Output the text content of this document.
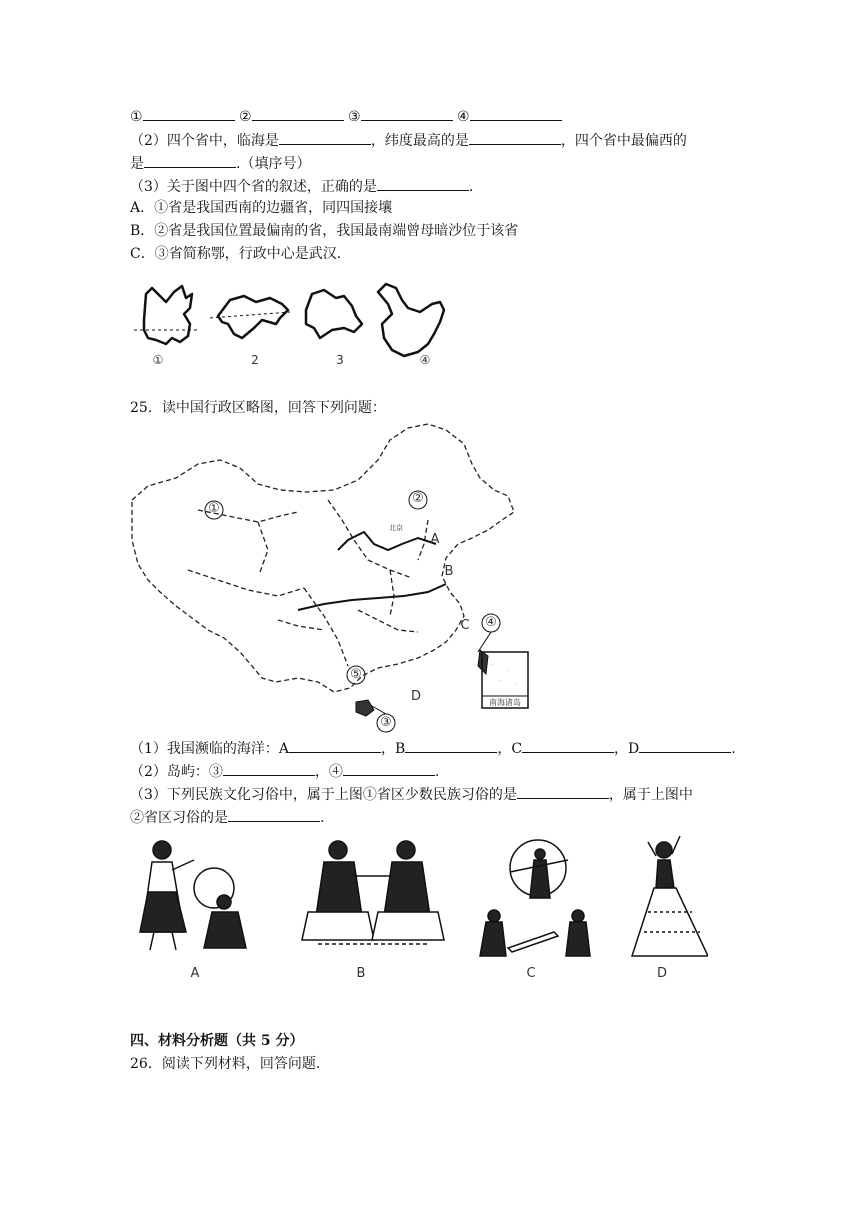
①	②	③	④
（2）四个省中，临海是	，纬度最高的是	，四个省中最偏西的
是	.（填序号）
（3）关于图中四个省的叙述，正确的是	.
A．①省是我国西南的边疆省，同四国接壤
B．②省是我国位置最偏南的省，我国最南端曾母暗沙位于该省
C．③省简称鄂，行政中心是武汉．
①	2	3	④
25．读中国行政区略图，回答下列问题：
·
·
·
·
①
②
北京
A
B
C
D
④
⑤
③
南海诸岛
（1）我国濒临的海洋：A	，B	，C	，D	.
（2）岛屿：③	，④	.
（3）下列民族文化习俗中，属于上图①省区少数民族习俗的是	，属于上图中
②省区习俗的是	.
A	B	C	D
四、材料分析题（共 5 分）
26．阅读下列材料，回答问题.
